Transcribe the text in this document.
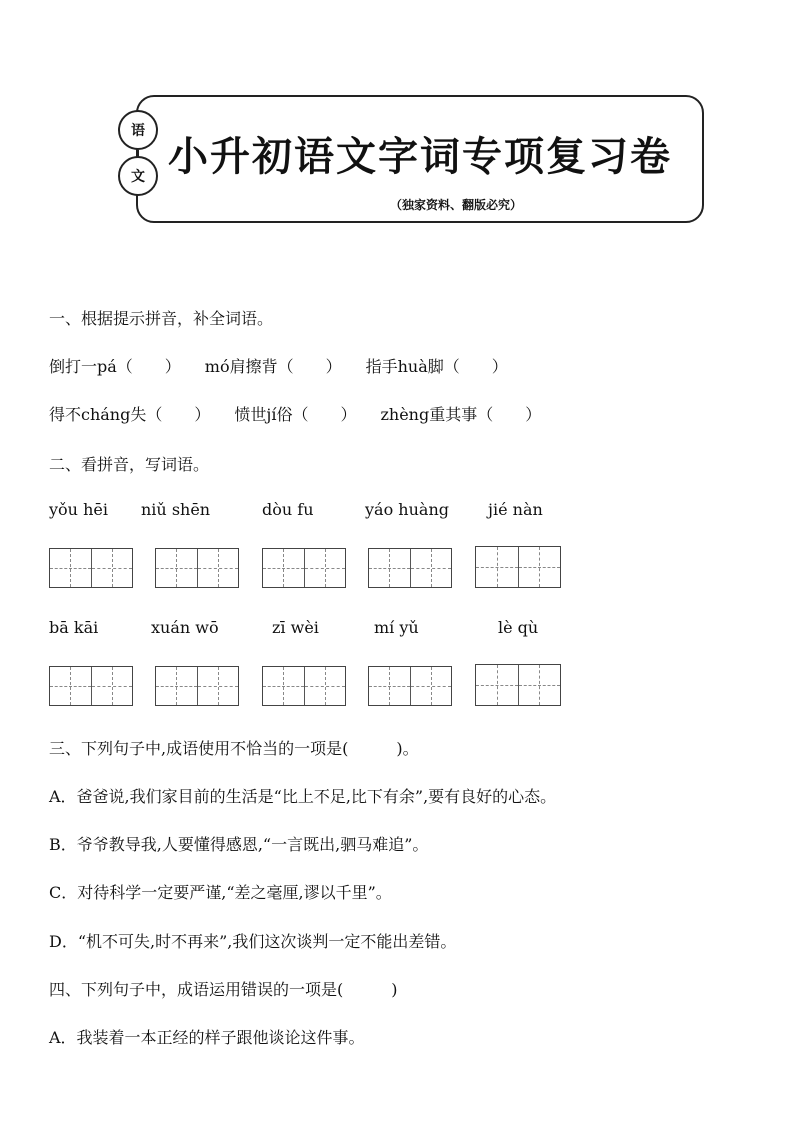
小升初语文字词专项复习卷
（独家资料、翻版必究）
语
文
一、根据提示拼音，补全词语。
倒打一pá（　　） mó肩擦背（　　） 指手huà脚（　　）
得不cháng失（　　） 愤世jí俗（　　） zhèng重其事（　　）
二、看拼音，写词语。
yǒu hēi niǔ shēn	dòu fu	yáo huàng jié nàn
bā kāi	xuán wō	zī wèi	mí yǔ	lè qù
三、下列句子中,成语使用不恰当的一项是(　　　)。
A．爸爸说,我们家目前的生活是“比上不足,比下有余”,要有良好的心态。
B．爷爷教导我,人要懂得感恩,“一言既出,驷马难追”。
C．对待科学一定要严谨,“差之毫厘,谬以千里”。
D．“机不可失,时不再来”,我们这次谈判一定不能出差错。
四、下列句子中，成语运用错误的一项是(　　　)
A．我装着一本正经的样子跟他谈论这件事。
